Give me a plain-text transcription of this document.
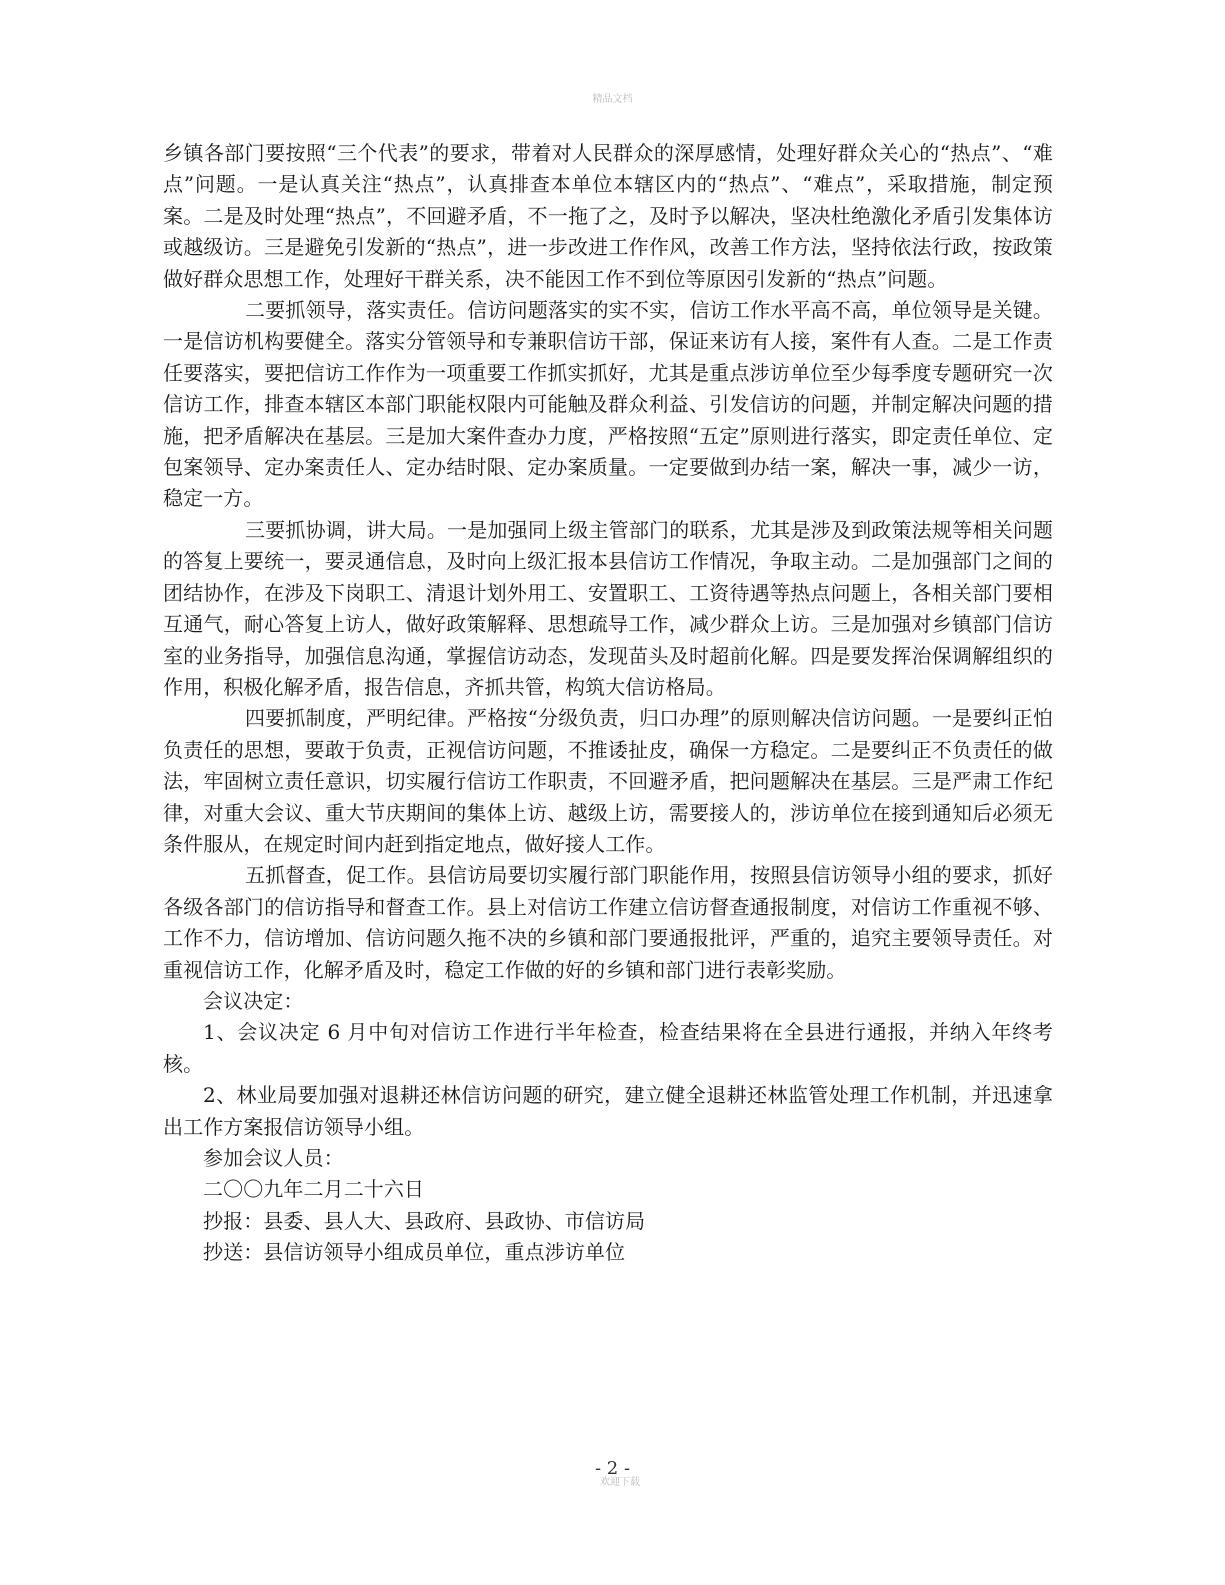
精品文档

乡镇各部门要按照“三个代表”的要求，带着对人民群众的深厚感情，处理好群众关心的“热点”、“难点”问题。一是认真关注“热点”，认真排查本单位本辖区内的“热点”、“难点”，采取措施，制定预案。二是及时处理“热点”，不回避矛盾，不一拖了之，及时予以解决，坚决杜绝激化矛盾引发集体访或越级访。三是避免引发新的“热点”，进一步改进工作作风，改善工作方法，坚持依法行政，按政策做好群众思想工作，处理好干群关系，决不能因工作不到位等原因引发新的“热点”问题。

二要抓领导，落实责任。信访问题落实的实不实，信访工作水平高不高，单位领导是关键。一是信访机构要健全。落实分管领导和专兼职信访干部，保证来访有人接，案件有人查。二是工作责任要落实，要把信访工作作为一项重要工作抓实抓好，尤其是重点涉访单位至少每季度专题研究一次信访工作，排查本辖区本部门职能权限内可能触及群众利益、引发信访的问题，并制定解决问题的措施，把矛盾解决在基层。三是加大案件查办力度，严格按照“五定”原则进行落实，即定责任单位、定包案领导、定办案责任人、定办结时限、定办案质量。一定要做到办结一案，解决一事，减少一访，稳定一方。

三要抓协调，讲大局。一是加强同上级主管部门的联系，尤其是涉及到政策法规等相关问题的答复上要统一，要灵通信息，及时向上级汇报本县信访工作情况，争取主动。二是加强部门之间的团结协作，在涉及下岗职工、清退计划外用工、安置职工、工资待遇等热点问题上，各相关部门要相互通气，耐心答复上访人，做好政策解释、思想疏导工作，减少群众上访。三是加强对乡镇部门信访室的业务指导，加强信息沟通，掌握信访动态，发现苗头及时超前化解。四是要发挥治保调解组织的作用，积极化解矛盾，报告信息，齐抓共管，构筑大信访格局。

四要抓制度，严明纪律。严格按“分级负责，归口办理”的原则解决信访问题。一是要纠正怕负责任的思想，要敢于负责，正视信访问题，不推诿扯皮，确保一方稳定。二是要纠正不负责任的做法，牢固树立责任意识，切实履行信访工作职责，不回避矛盾，把问题解决在基层。三是严肃工作纪律，对重大会议、重大节庆期间的集体上访、越级上访，需要接人的，涉访单位在接到通知后必须无条件服从，在规定时间内赶到指定地点，做好接人工作。

五抓督查，促工作。县信访局要切实履行部门职能作用，按照县信访领导小组的要求，抓好各级各部门的信访指导和督查工作。县上对信访工作建立信访督查通报制度，对信访工作重视不够、工作不力，信访增加、信访问题久拖不决的乡镇和部门要通报批评，严重的，追究主要领导责任。对重视信访工作，化解矛盾及时，稳定工作做的好的乡镇和部门进行表彰奖励。

会议决定：

1、会议决定 6 月中旬对信访工作进行半年检查，检查结果将在全县进行通报，并纳入年终考核。

2、林业局要加强对退耕还林信访问题的研究，建立健全退耕还林监管处理工作机制，并迅速拿出工作方案报信访领导小组。

参加会议人员：

二〇〇九年二月二十六日

抄报：县委、县人大、县政府、县政协、市信访局

抄送：县信访领导小组成员单位，重点涉访单位

- 2 -
欢迎下载
